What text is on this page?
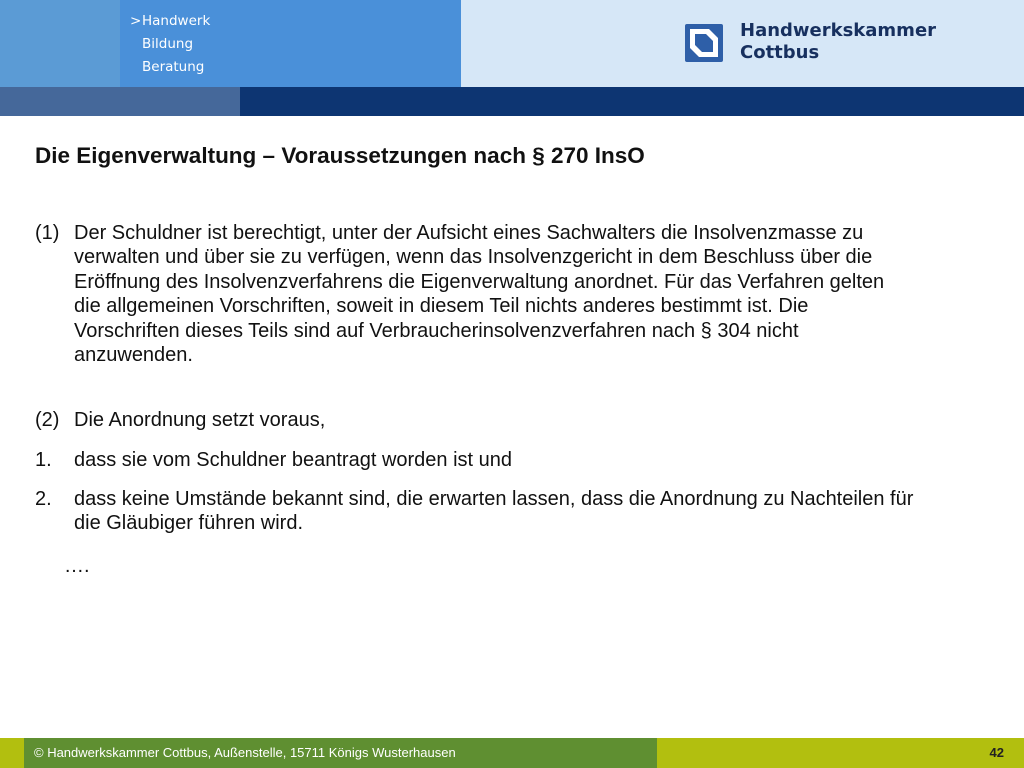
>Handwerk
Bildung
Beratung
Handwerkskammer
Cottbus
Die Eigenverwaltung – Voraussetzungen nach § 270 InsO
(1) Der Schuldner ist berechtigt, unter der Aufsicht eines Sachwalters die Insolvenzmasse zu verwalten und über sie zu verfügen, wenn das Insolvenzgericht in dem Beschluss über die Eröffnung des Insolvenzverfahrens die Eigenverwaltung anordnet. Für das Verfahren gelten die allgemeinen Vorschriften, soweit in diesem Teil nichts anderes bestimmt ist. Die Vorschriften dieses Teils sind auf Verbraucherinsolvenzverfahren nach § 304 nicht anzuwenden.
(2) Die Anordnung setzt voraus,
1. dass sie vom Schuldner beantragt worden ist und
2. dass keine Umstände bekannt sind, die erwarten lassen, dass die Anordnung zu Nachteilen für die Gläubiger führen wird.
….
© Handwerkskammer Cottbus, Außenstelle, 15711 Königs Wusterhausen	42
